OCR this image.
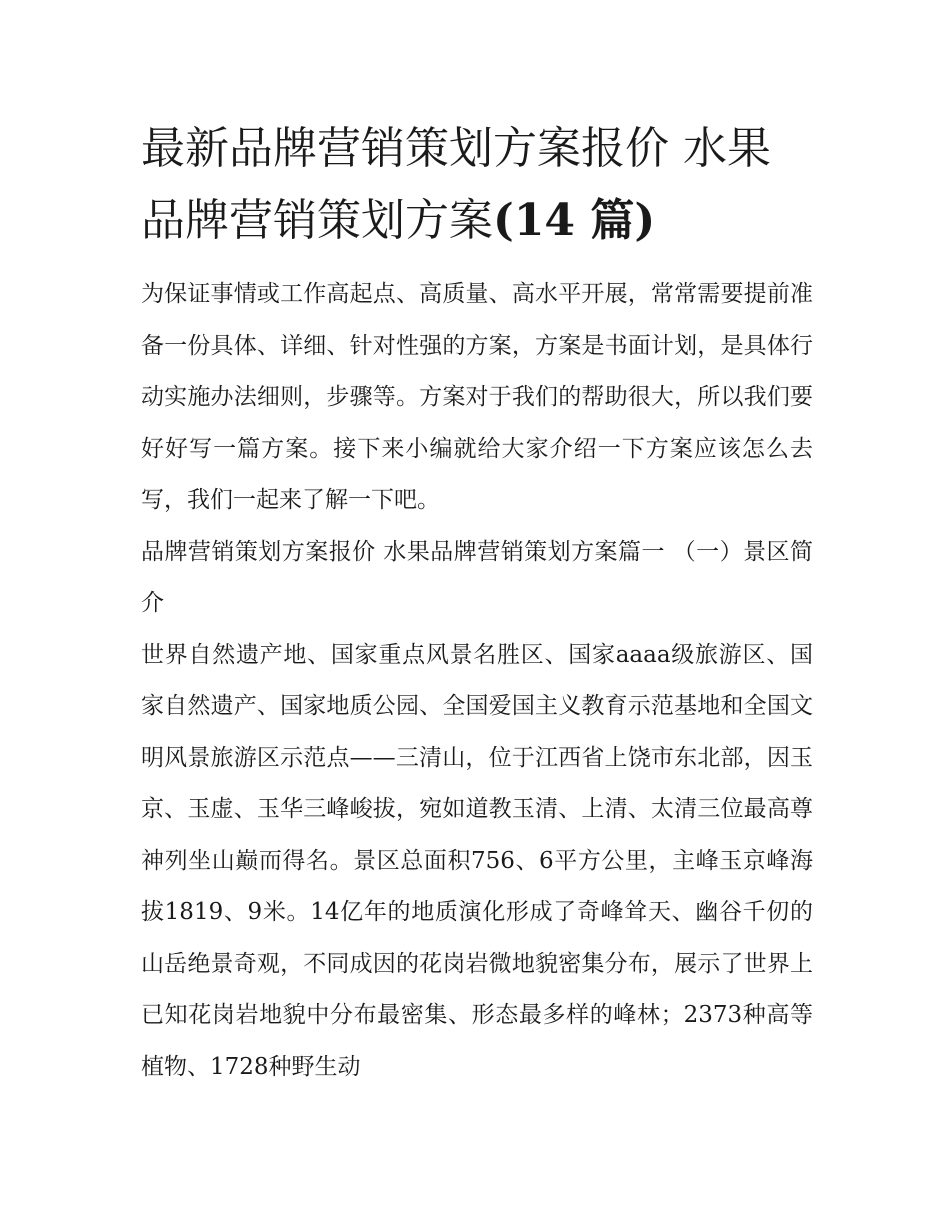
最新品牌营销策划方案报价 水果品牌营销策划方案(14 篇)

为保证事情或工作高起点、高质量、高水平开展，常常需要提前准备一份具体、详细、针对性强的方案，方案是书面计划，是具体行动实施办法细则，步骤等。方案对于我们的帮助很大，所以我们要好好写一篇方案。接下来小编就给大家介绍一下方案应该怎么去写，我们一起来了解一下吧。

品牌营销策划方案报价 水果品牌营销策划方案篇一 （一）景区简介

世界自然遗产地、国家重点风景名胜区、国家aaaa级旅游区、国家自然遗产、国家地质公园、全国爱国主义教育示范基地和全国文明风景旅游区示范点——三清山，位于江西省上饶市东北部，因玉京、玉虚、玉华三峰峻拔，宛如道教玉清、上清、太清三位最高尊神列坐山巅而得名。景区总面积756、6平方公里，主峰玉京峰海拔1819、9米。14亿年的地质演化形成了奇峰耸天、幽谷千仞的山岳绝景奇观，不同成因的花岗岩微地貌密集分布，展示了世界上已知花岗岩地貌中分布最密集、形态最多样的峰林；2373种高等植物、1728种野生动
